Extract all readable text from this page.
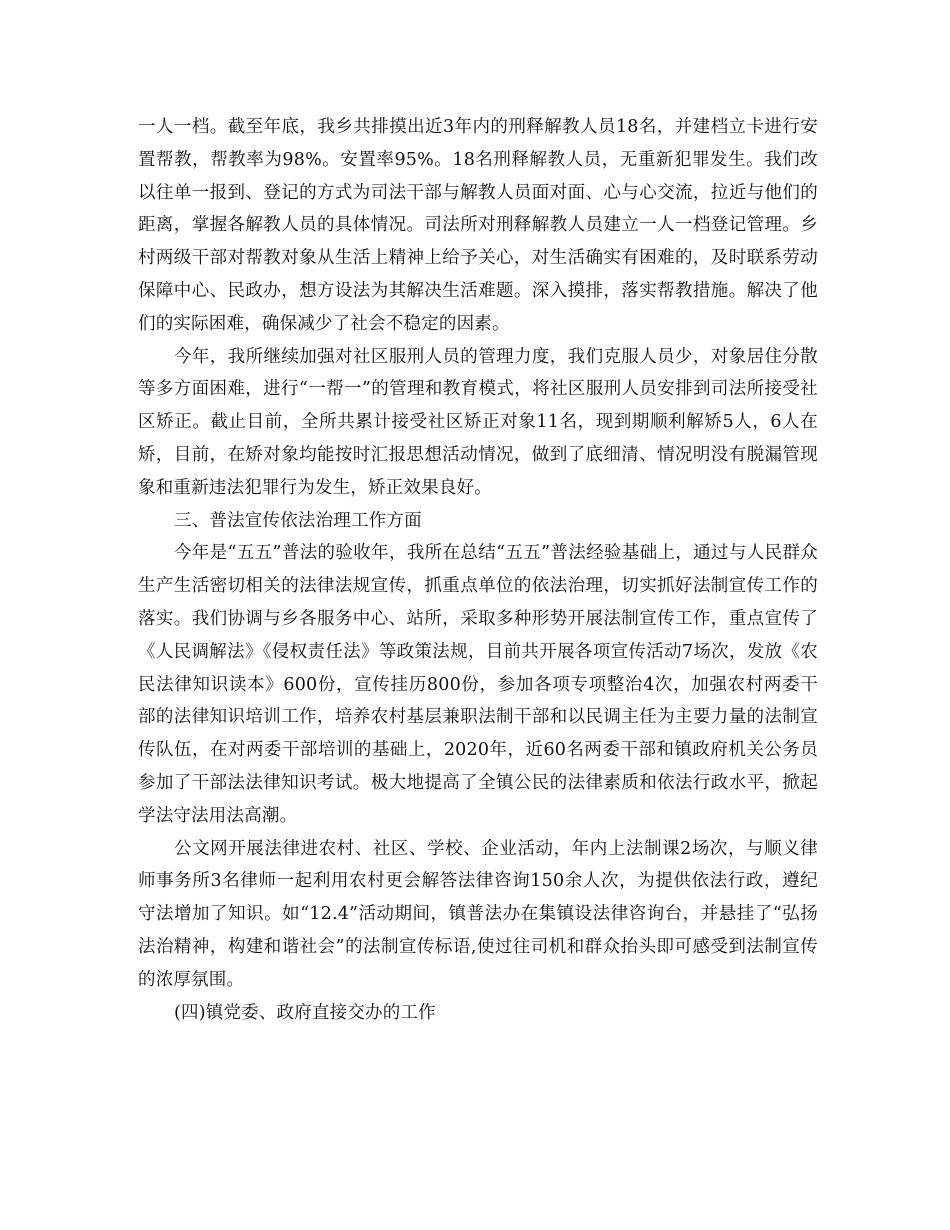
一人一档。截至年底，我乡共排摸出近3年内的刑释解教人员18名，并建档立卡进行安置帮教，帮教率为98%。安置率95%。18名刑释解教人员，无重新犯罪发生。我们改以往单一报到、登记的方式为司法干部与解教人员面对面、心与心交流，拉近与他们的距离，掌握各解教人员的具体情况。司法所对刑释解教人员建立一人一档登记管理。乡村两级干部对帮教对象从生活上精神上给予关心，对生活确实有困难的，及时联系劳动保障中心、民政办，想方设法为其解决生活难题。深入摸排，落实帮教措施。解决了他们的实际困难，确保减少了社会不稳定的因素。

今年，我所继续加强对社区服刑人员的管理力度，我们克服人员少，对象居住分散等多方面困难，进行“一帮一”的管理和教育模式，将社区服刑人员安排到司法所接受社区矫正。截止目前，全所共累计接受社区矫正对象11名，现到期顺利解矫5人，6人在矫，目前，在矫对象均能按时汇报思想活动情况，做到了底细清、情况明没有脱漏管现象和重新违法犯罪行为发生，矫正效果良好。

三、普法宣传依法治理工作方面

今年是“五五”普法的验收年，我所在总结“五五”普法经验基础上，通过与人民群众生产生活密切相关的法律法规宣传，抓重点单位的依法治理，切实抓好法制宣传工作的落实。我们协调与乡各服务中心、站所，采取多种形势开展法制宣传工作，重点宣传了《人民调解法》《侵权责任法》等政策法规，目前共开展各项宣传活动7场次，发放《农民法律知识读本》600份，宣传挂历800份，参加各项专项整治4次，加强农村两委干部的法律知识培训工作，培养农村基层兼职法制干部和以民调主任为主要力量的法制宣传队伍，在对两委干部培训的基础上，2020年，近60名两委干部和镇政府机关公务员参加了干部法法律知识考试。极大地提高了全镇公民的法律素质和依法行政水平，掀起学法守法用法高潮。

公文网开展法律进农村、社区、学校、企业活动，年内上法制课2场次，与顺义律师事务所3名律师一起利用农村更会解答法律咨询150余人次，为提供依法行政，遵纪守法增加了知识。如“12.4”活动期间，镇普法办在集镇设法律咨询台，并悬挂了“弘扬法治精神，构建和谐社会”的法制宣传标语,使过往司机和群众抬头即可感受到法制宣传的浓厚氛围。

(四)镇党委、政府直接交办的工作
